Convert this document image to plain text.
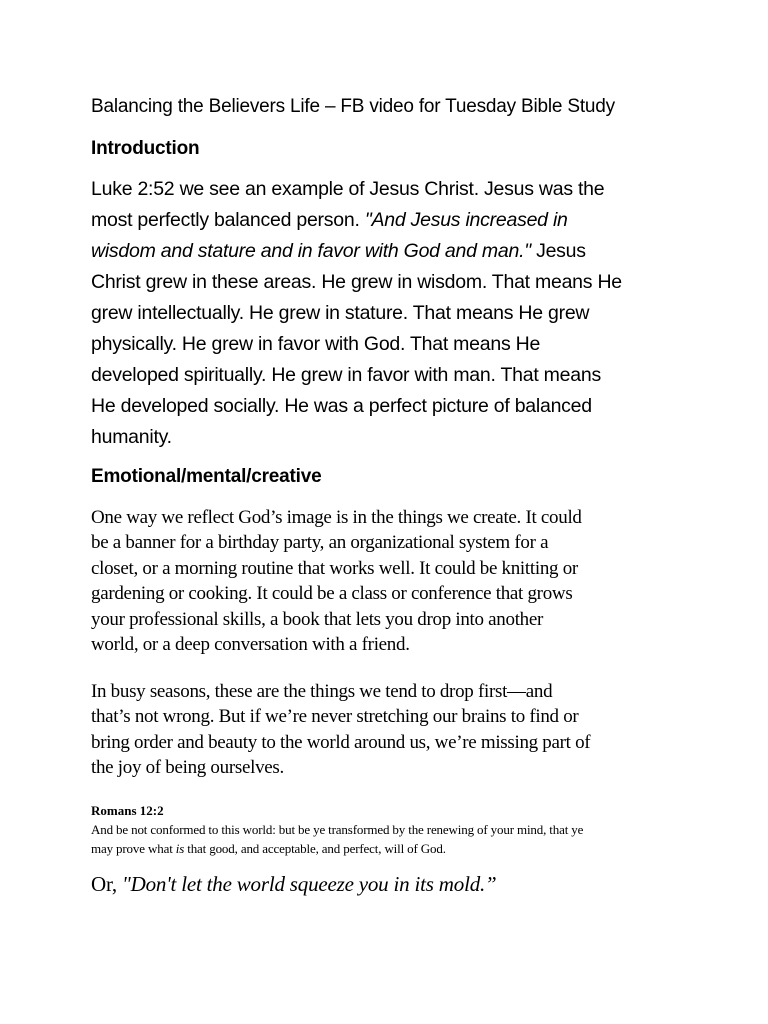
Balancing the Believers Life – FB video for Tuesday Bible Study
Introduction
Luke 2:52 we see an example of Jesus Christ. Jesus was the
most perfectly balanced person. "And Jesus increased in
wisdom and stature and in favor with God and man." Jesus
Christ grew in these areas. He grew in wisdom. That means He
grew intellectually. He grew in stature. That means He grew
physically. He grew in favor with God. That means He
developed spiritually. He grew in favor with man. That means
He developed socially. He was a perfect picture of balanced
humanity.
Emotional/mental/creative
One way we reflect God’s image is in the things we create. It could
be a banner for a birthday party, an organizational system for a
closet, or a morning routine that works well. It could be knitting or
gardening or cooking. It could be a class or conference that grows
your professional skills, a book that lets you drop into another
world, or a deep conversation with a friend.
In busy seasons, these are the things we tend to drop first—and
that’s not wrong. But if we’re never stretching our brains to find or
bring order and beauty to the world around us, we’re missing part of
the joy of being ourselves.
Romans 12:2
And be not conformed to this world: but be ye transformed by the renewing of your mind, that ye
may prove what is that good, and acceptable, and perfect, will of God.
Or, "Don't let the world squeeze you in its mold.”
